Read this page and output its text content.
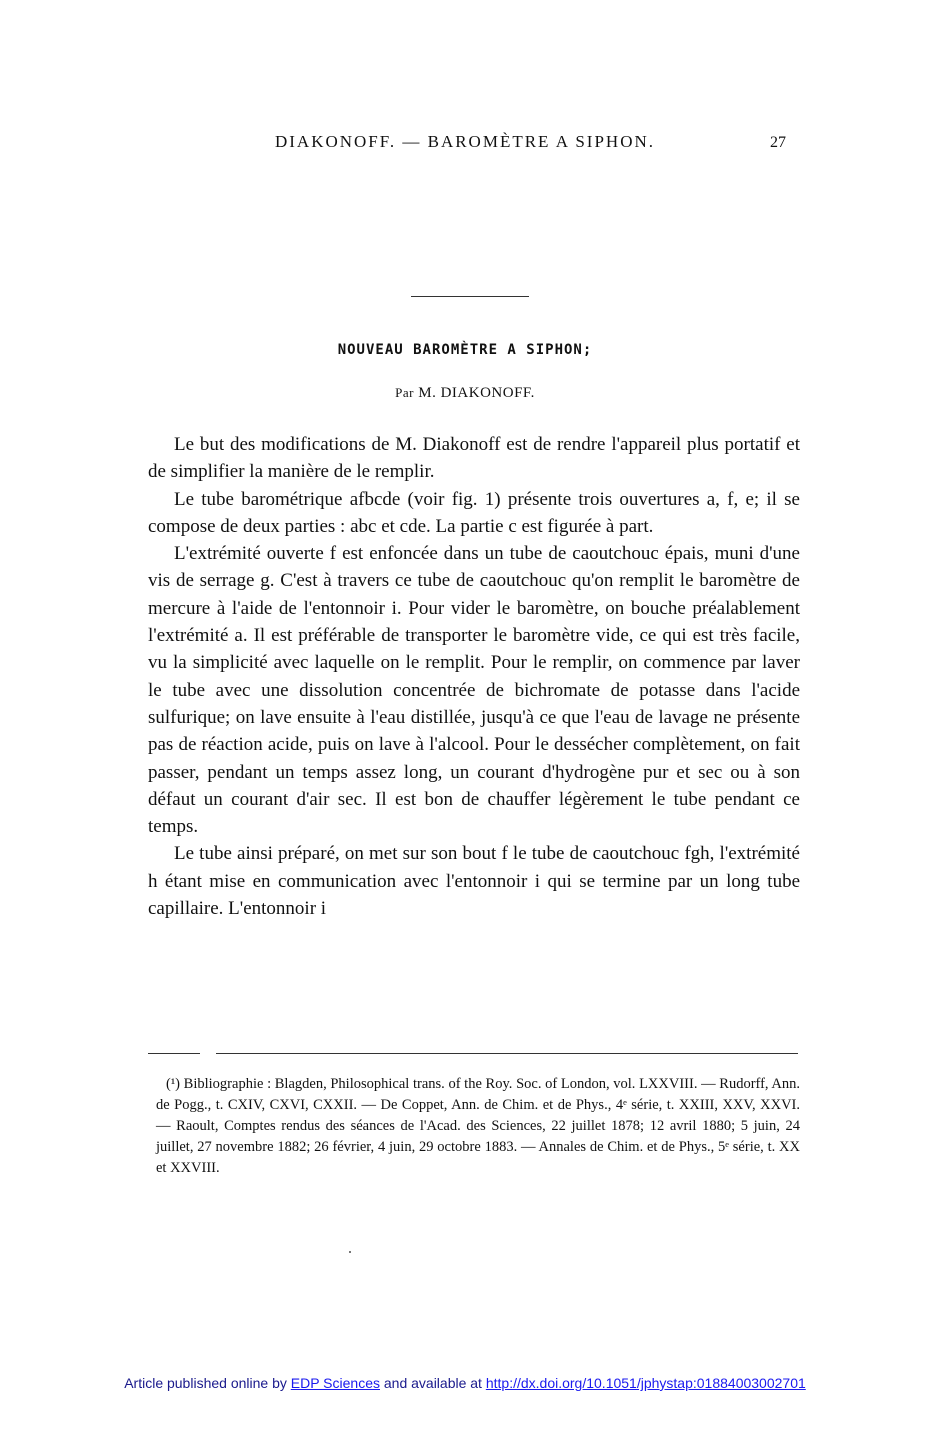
DIAKONOFF. — BAROMÈTRE A SIPHON.	27
NOUVEAU BAROMÈTRE A SIPHON;
Par M. DIAKONOFF.

Le but des modifications de M. Diakonoff est de rendre l'appareil plus portatif et de simplifier la manière de le remplir.

Le tube barométrique afbcde (voir fig. 1) présente trois ouvertures a, f, e; il se compose de deux parties : abc et cde. La partie c est figurée à part.

L'extrémité ouverte f est enfoncée dans un tube de caoutchouc épais, muni d'une vis de serrage g. C'est à travers ce tube de caoutchouc qu'on remplit le baromètre de mercure à l'aide de l'entonnoir i. Pour vider le baromètre, on bouche préalablement l'extrémité a. Il est préférable de transporter le baromètre vide, ce qui est très facile, vu la simplicité avec laquelle on le remplit. Pour le remplir, on commence par laver le tube avec une dissolution concentrée de bichromate de potasse dans l'acide sulfurique; on lave ensuite à l'eau distillée, jusqu'à ce que l'eau de lavage ne présente pas de réaction acide, puis on lave à l'alcool. Pour le dessécher complètement, on fait passer, pendant un temps assez long, un courant d'hydrogène pur et sec ou à son défaut un courant d'air sec. Il est bon de chauffer légèrement le tube pendant ce temps.

Le tube ainsi préparé, on met sur son bout f le tube de caoutchouc fgh, l'extrémité h étant mise en communication avec l'entonnoir i qui se termine par un long tube capillaire. L'entonnoir i

(¹) Bibliographie : Blagden, Philosophical trans. of the Roy. Soc. of London, vol. LXXVIII. — Rudorff, Ann. de Pogg., t. CXIV, CXVI, CXXII. — De Coppet, Ann. de Chim. et de Phys., 4ᵉ série, t. XXIII, XXV, XXVI. — Raoult, Comptes rendus des séances de l'Acad. des Sciences, 22 juillet 1878; 12 avril 1880; 5 juin, 24 juillet, 27 novembre 1882; 26 février, 4 juin, 29 octobre 1883. — Annales de Chim. et de Phys., 5ᵉ série, t. XX et XXVIII.

Article published online by EDP Sciences and available at http://dx.doi.org/10.1051/jphystap:01884003002701
